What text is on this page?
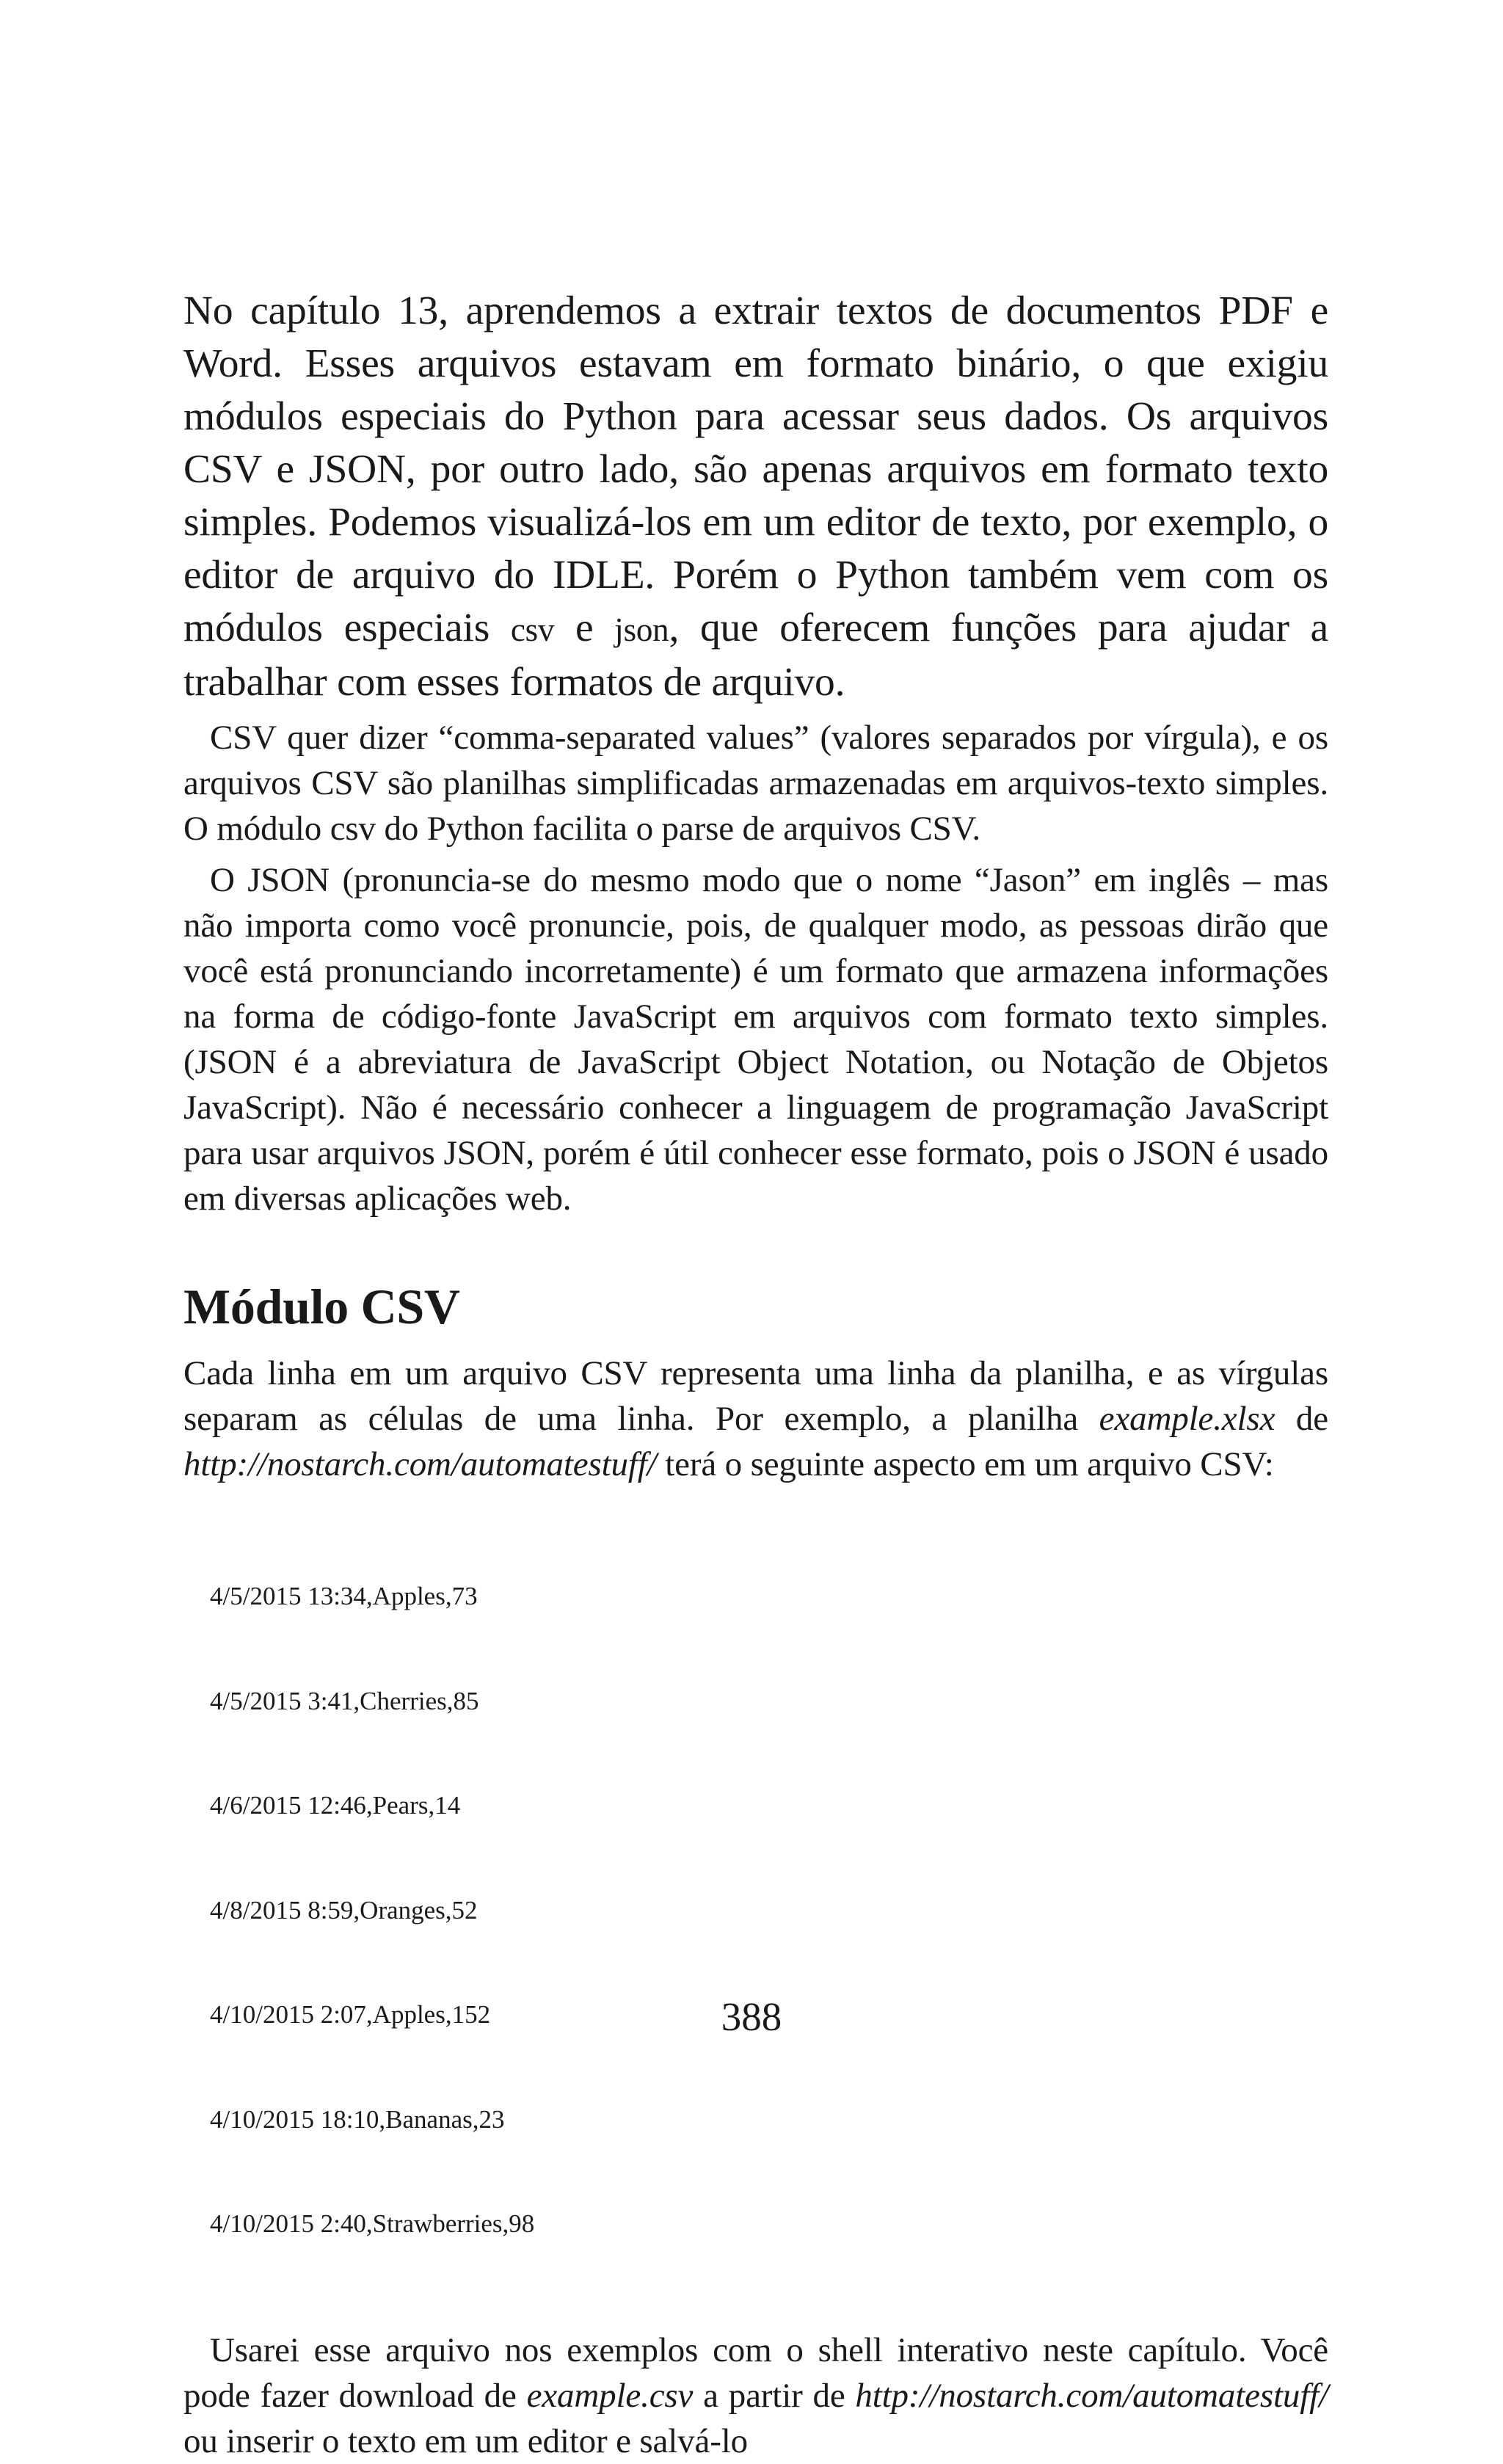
No capítulo 13, aprendemos a extrair textos de documentos PDF e Word. Esses arquivos estavam em formato binário, o que exigiu módulos especiais do Python para acessar seus dados. Os arquivos CSV e JSON, por outro lado, são apenas arquivos em formato texto simples. Podemos visualizá-los em um editor de texto, por exemplo, o editor de arquivo do IDLE. Porém o Python também vem com os módulos especiais csv e json, que oferecem funções para ajudar a trabalhar com esses formatos de arquivo.

CSV quer dizer “comma-separated values” (valores separados por vírgula), e os arquivos CSV são planilhas simplificadas armazenadas em arquivos-texto simples. O módulo csv do Python facilita o parse de arquivos CSV.

O JSON (pronuncia-se do mesmo modo que o nome “Jason” em inglês – mas não importa como você pronuncie, pois, de qualquer modo, as pessoas dirão que você está pronunciando incorretamente) é um formato que armazena informações na forma de código-fonte JavaScript em arquivos com formato texto simples. (JSON é a abreviatura de JavaScript Object Notation, ou Notação de Objetos JavaScript). Não é necessário conhecer a linguagem de programação JavaScript para usar arquivos JSON, porém é útil conhecer esse formato, pois o JSON é usado em diversas aplicações web.

Módulo CSV

Cada linha em um arquivo CSV representa uma linha da planilha, e as vírgulas separam as células de uma linha. Por exemplo, a planilha example.xlsx de http://nostarch.com/automatestuff/ terá o seguinte aspecto em um arquivo CSV:

4/5/2015 13:34,Apples,73

4/5/2015 3:41,Cherries,85

4/6/2015 12:46,Pears,14

4/8/2015 8:59,Oranges,52

4/10/2015 2:07,Apples,152

4/10/2015 18:10,Bananas,23

4/10/2015 2:40,Strawberries,98

Usarei esse arquivo nos exemplos com o shell interativo neste capítulo. Você pode fazer download de example.csv a partir de http://nostarch.com/automatestuff/ ou inserir o texto em um editor e salvá-lo

388
